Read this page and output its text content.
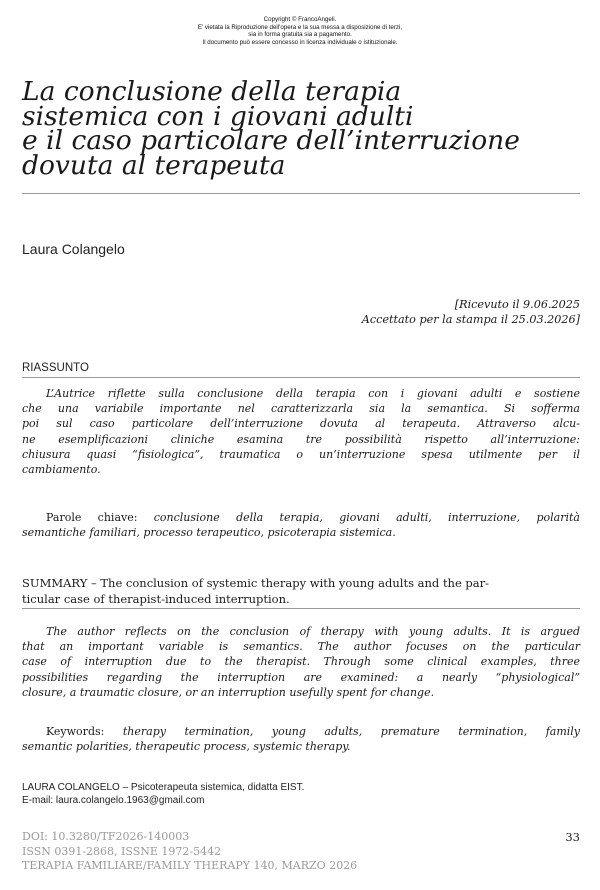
Copyright © FrancoAngeli.
E' vietata la Riproduzione dell'opera e la sua messa a disposizione di terzi,
sia in forma gratuita sia a pagamento.
Il documento può essere concesso in licenza individuale o istituzionale.
La conclusione della terapia
sistemica con i giovani adulti
e il caso particolare dell’interruzione
dovuta al terapeuta
Laura Colangelo
[Ricevuto il 9.06.2025
Accettato per la stampa il 25.03.2026]
RIASSUNTO
L’Autrice riflette sulla conclusione della terapia con i giovani adulti e sostiene
che una variabile importante nel caratterizzarla sia la semantica. Si sofferma
poi sul caso particolare dell’interruzione dovuta al terapeuta. Attraverso alcu-
ne esemplificazioni cliniche esamina tre possibilità rispetto all’interruzione:
chiusura quasi “fisiologica”, traumatica o un’interruzione spesa utilmente per il
cambiamento.
Parole chiave: conclusione della terapia, giovani adulti, interruzione, polarità
semantiche familiari, processo terapeutico, psicoterapia sistemica.
SUMMARY – The conclusion of systemic therapy with young adults and the par-
ticular case of therapist-induced interruption.
The author reflects on the conclusion of therapy with young adults. It is argued
that an important variable is semantics. The author focuses on the particular
case of interruption due to the therapist. Through some clinical examples, three
possibilities regarding the interruption are examined: a nearly “physiological”
closure, a traumatic closure, or an interruption usefully spent for change.
Keywords: therapy termination, young adults, premature termination, family
semantic polarities, therapeutic process, systemic therapy.
LAURA COLANGELO – Psicoterapeuta sistemica, didatta EIST.
E-mail: laura.colangelo.1963@gmail.com
DOI: 10.3280/TF2026-140003
ISSN 0391-2868, ISSNE 1972-5442
TERAPIA FAMILIARE/FAMILY THERAPY 140, MARZO 2026
33
